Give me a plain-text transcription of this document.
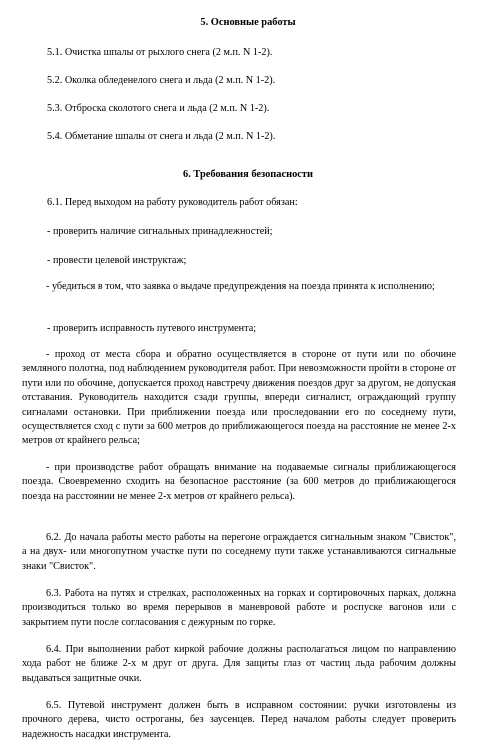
5. Основные работы
5.1. Очистка шпалы от рыхлого снега (2 м.п. N 1-2).
5.2. Околка обледенелого снега и льда (2 м.п. N 1-2).
5.3. Отброска сколотого снега и льда (2 м.п. N 1-2).
5.4. Обметание шпалы от снега и льда (2 м.п. N 1-2).
6. Требования безопасности
6.1. Перед выходом на работу руководитель работ обязан:
- проверить наличие сигнальных принадлежностей;
- провести целевой инструктаж;
- убедиться в том, что заявка о выдаче предупреждения на поезда принята к исполнению;
- проверить исправность путевого инструмента;
- проход от места сбора и обратно осуществляется в стороне от пути или по обочине земляного полотна, под наблюдением руководителя работ. При невозможности пройти в стороне от пути или по обочине, допускается проход навстречу движения поездов друг за другом, не допуская отставания. Руководитель находится сзади группы, впереди сигналист, ограждающий группу сигналами остановки. При приближении поезда или проследовании его по соседнему пути, осуществляется сход с пути за 600 метров до приближающегося поезда на расстояние не менее 2-х метров от крайнего рельса;
- при производстве работ обращать внимание на подаваемые сигналы приближающегося поезда. Своевременно сходить на безопасное расстояние (за 600 метров до приближающегося поезда на расстоянии не менее 2-х метров от крайнего рельса).
6.2. До начала работы место работы на перегоне ограждается сигнальным знаком "Свисток", а на двух- или многопутном участке пути по соседнему пути также устанавливаются сигнальные знаки "Свисток".
6.3. Работа на путях и стрелках, расположенных на горках и сортировочных парках, должна производиться только во время перерывов в маневровой работе и роспуске вагонов или с закрытием пути после согласования с дежурным по горке.
6.4. При выполнении работ киркой рабочие должны располагаться лицом по направлению хода работ не ближе 2-х м друг от друга. Для защиты глаз от частиц льда рабочим должны выдаваться защитные очки.
6.5. Путевой инструмент должен быть в исправном состоянии: ручки изготовлены из прочного дерева, чисто остроганы, без заусенцев. Перед началом работы следует проверить надежность насадки инструмента.
